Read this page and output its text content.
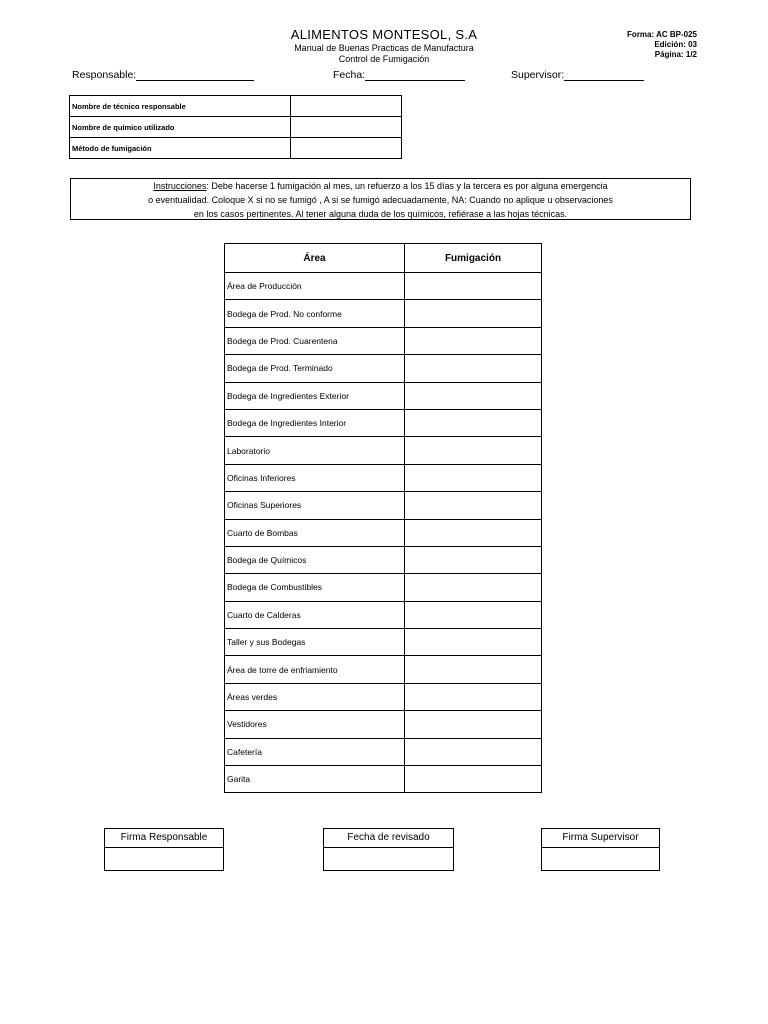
ALIMENTOS MONTESOL, S.A
Manual de Buenas Practicas de Manufactura
Control de Fumigación
Forma: AC BP-025
Edición: 03
Página: 1/2
Responsable:	Fecha:	Supervisor:
Nombre de técnico responsable	
Nombre de químico utilizado	
Método de fumigación	
Instrucciones: Debe hacerse 1 fumigación al mes, un refuerzo a los 15 días y la tercera es por alguna emergencia
o eventualidad. Coloque X si no se fumigó , A si se fumigó adecuadamente, NA: Cuando no aplique u observaciones
en los casos pertinentes. Al tener alguna duda de los químicos, refiérase a las hojas técnicas.
Área	Fumigación
Área de Producción	
Bodega de Prod. No conforme	
Bodega de Prod. Cuarentena	
Bodega de Prod. Terminado	
Bodega de Ingredientes Exterior	
Bodega de Ingredientes Interior	
Laboratorio	
Oficinas Inferiores	
Oficinas Superiores	
Cuarto de Bombas	
Bodega de Químicos	
Bodega de Combustibles	
Cuarto de Calderas	
Taller y sus Bodegas	
Área de torre de enfriamiento	
Áreas verdes	
Vestidores	
Cafetería	
Garita	
Firma Responsable	Fecha de revisado	Firma Supervisor
